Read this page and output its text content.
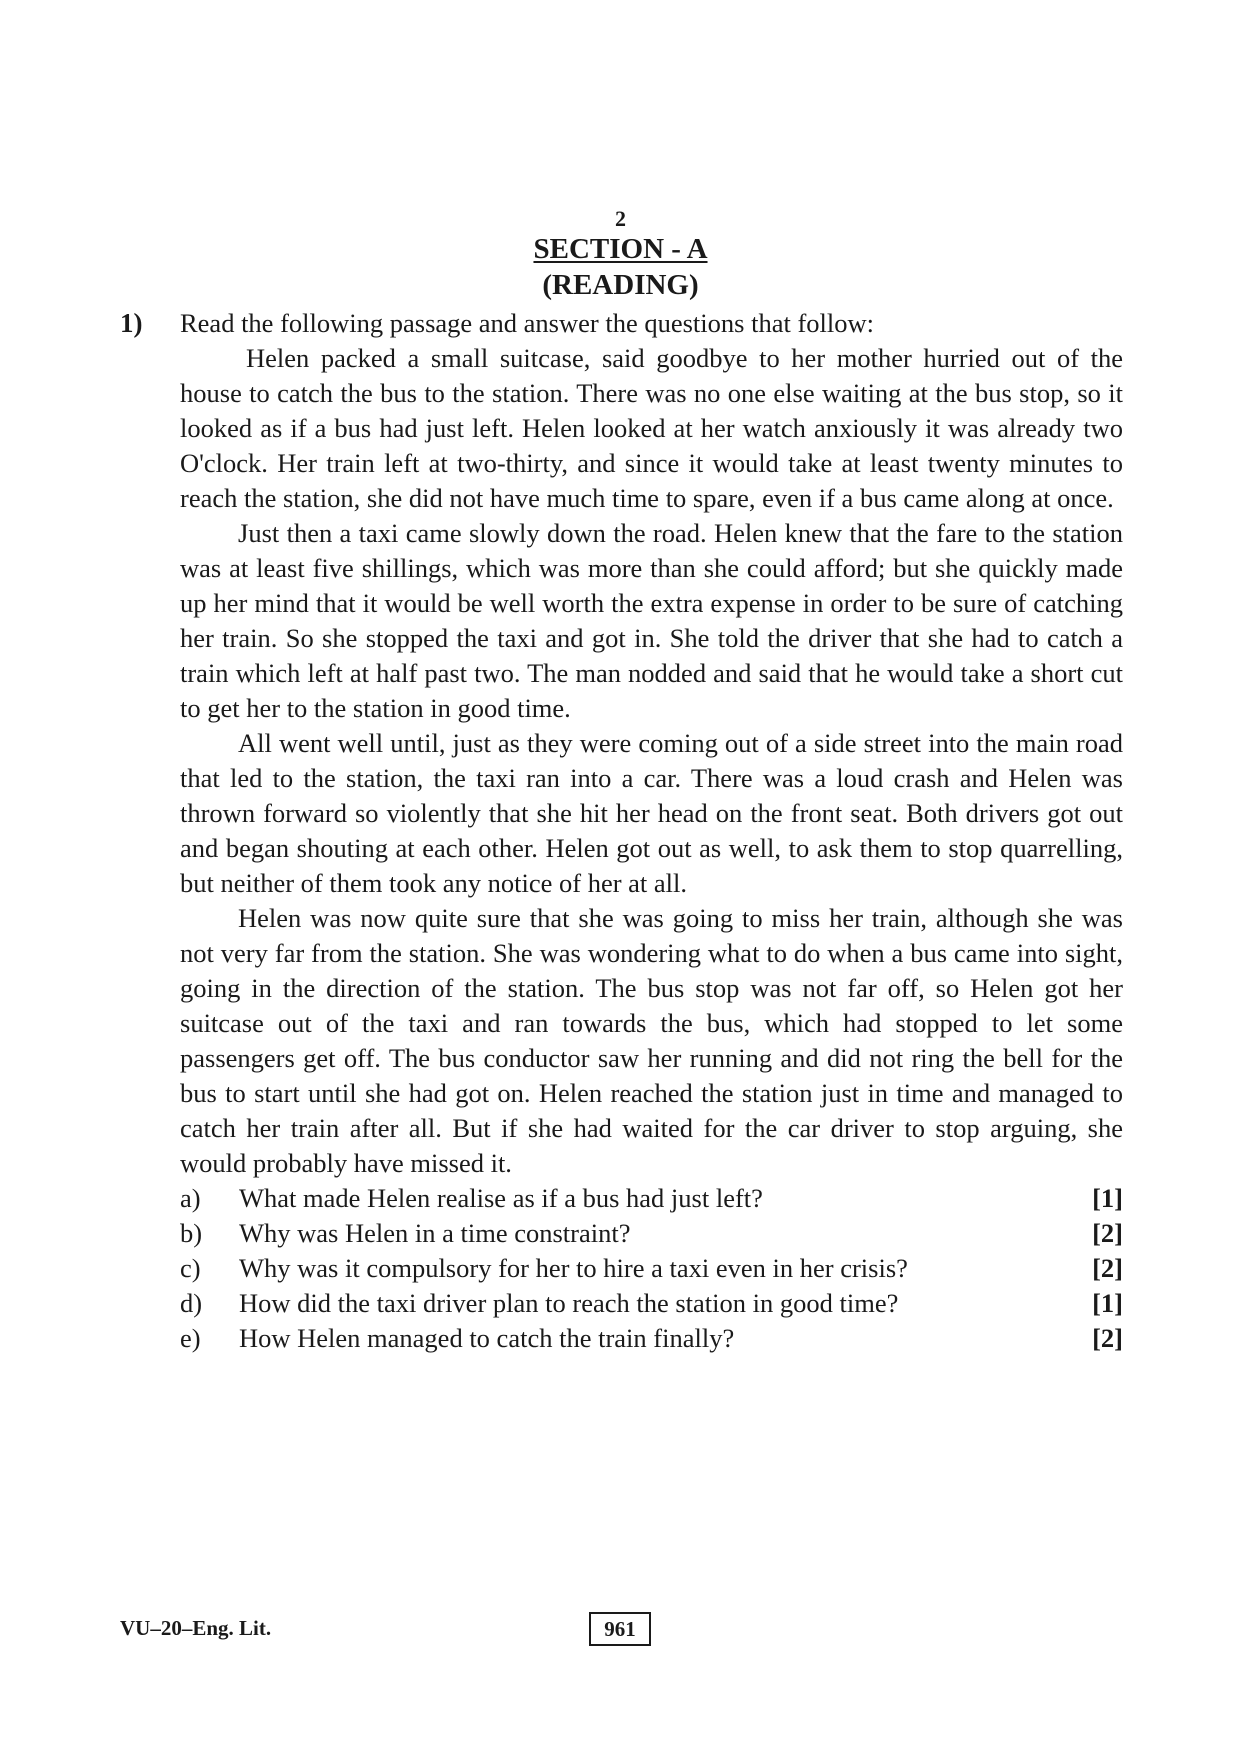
2
SECTION - A
(READING)
1) Read the following passage and answer the questions that follow:

Helen packed a small suitcase, said goodbye to her mother hurried out of the house to catch the bus to the station. There was no one else waiting at the bus stop, so it looked as if a bus had just left. Helen looked at her watch anxiously it was already two O'clock. Her train left at two-thirty, and since it would take at least twenty minutes to reach the station, she did not have much time to spare, even if a bus came along at once.

Just then a taxi came slowly down the road. Helen knew that the fare to the station was at least five shillings, which was more than she could afford; but she quickly made up her mind that it would be well worth the extra expense in order to be sure of catching her train. So she stopped the taxi and got in. She told the driver that she had to catch a train which left at half past two. The man nodded and said that he would take a short cut to get her to the station in good time.

All went well until, just as they were coming out of a side street into the main road that led to the station, the taxi ran into a car. There was a loud crash and Helen was thrown forward so violently that she hit her head on the front seat. Both drivers got out and began shouting at each other. Helen got out as well, to ask them to stop quarrelling, but neither of them took any notice of her at all.

Helen was now quite sure that she was going to miss her train, although she was not very far from the station. She was wondering what to do when a bus came into sight, going in the direction of the station. The bus stop was not far off, so Helen got her suitcase out of the taxi and ran towards the bus, which had stopped to let some passengers get off. The bus conductor saw her running and did not ring the bell for the bus to start until she had got on. Helen reached the station just in time and managed to catch her train after all. But if she had waited for the car driver to stop arguing, she would probably have missed it.

a)	What made Helen realise as if a bus had just left?	[1]
b)	Why was Helen in a time constraint?	[2]
c)	Why was it compulsory for her to hire a taxi even in her crisis?	[2]
d)	How did the taxi driver plan to reach the station in good time?	[1]
e)	How Helen managed to catch the train finally?	[2]
VU–20–Eng. Lit.	961
